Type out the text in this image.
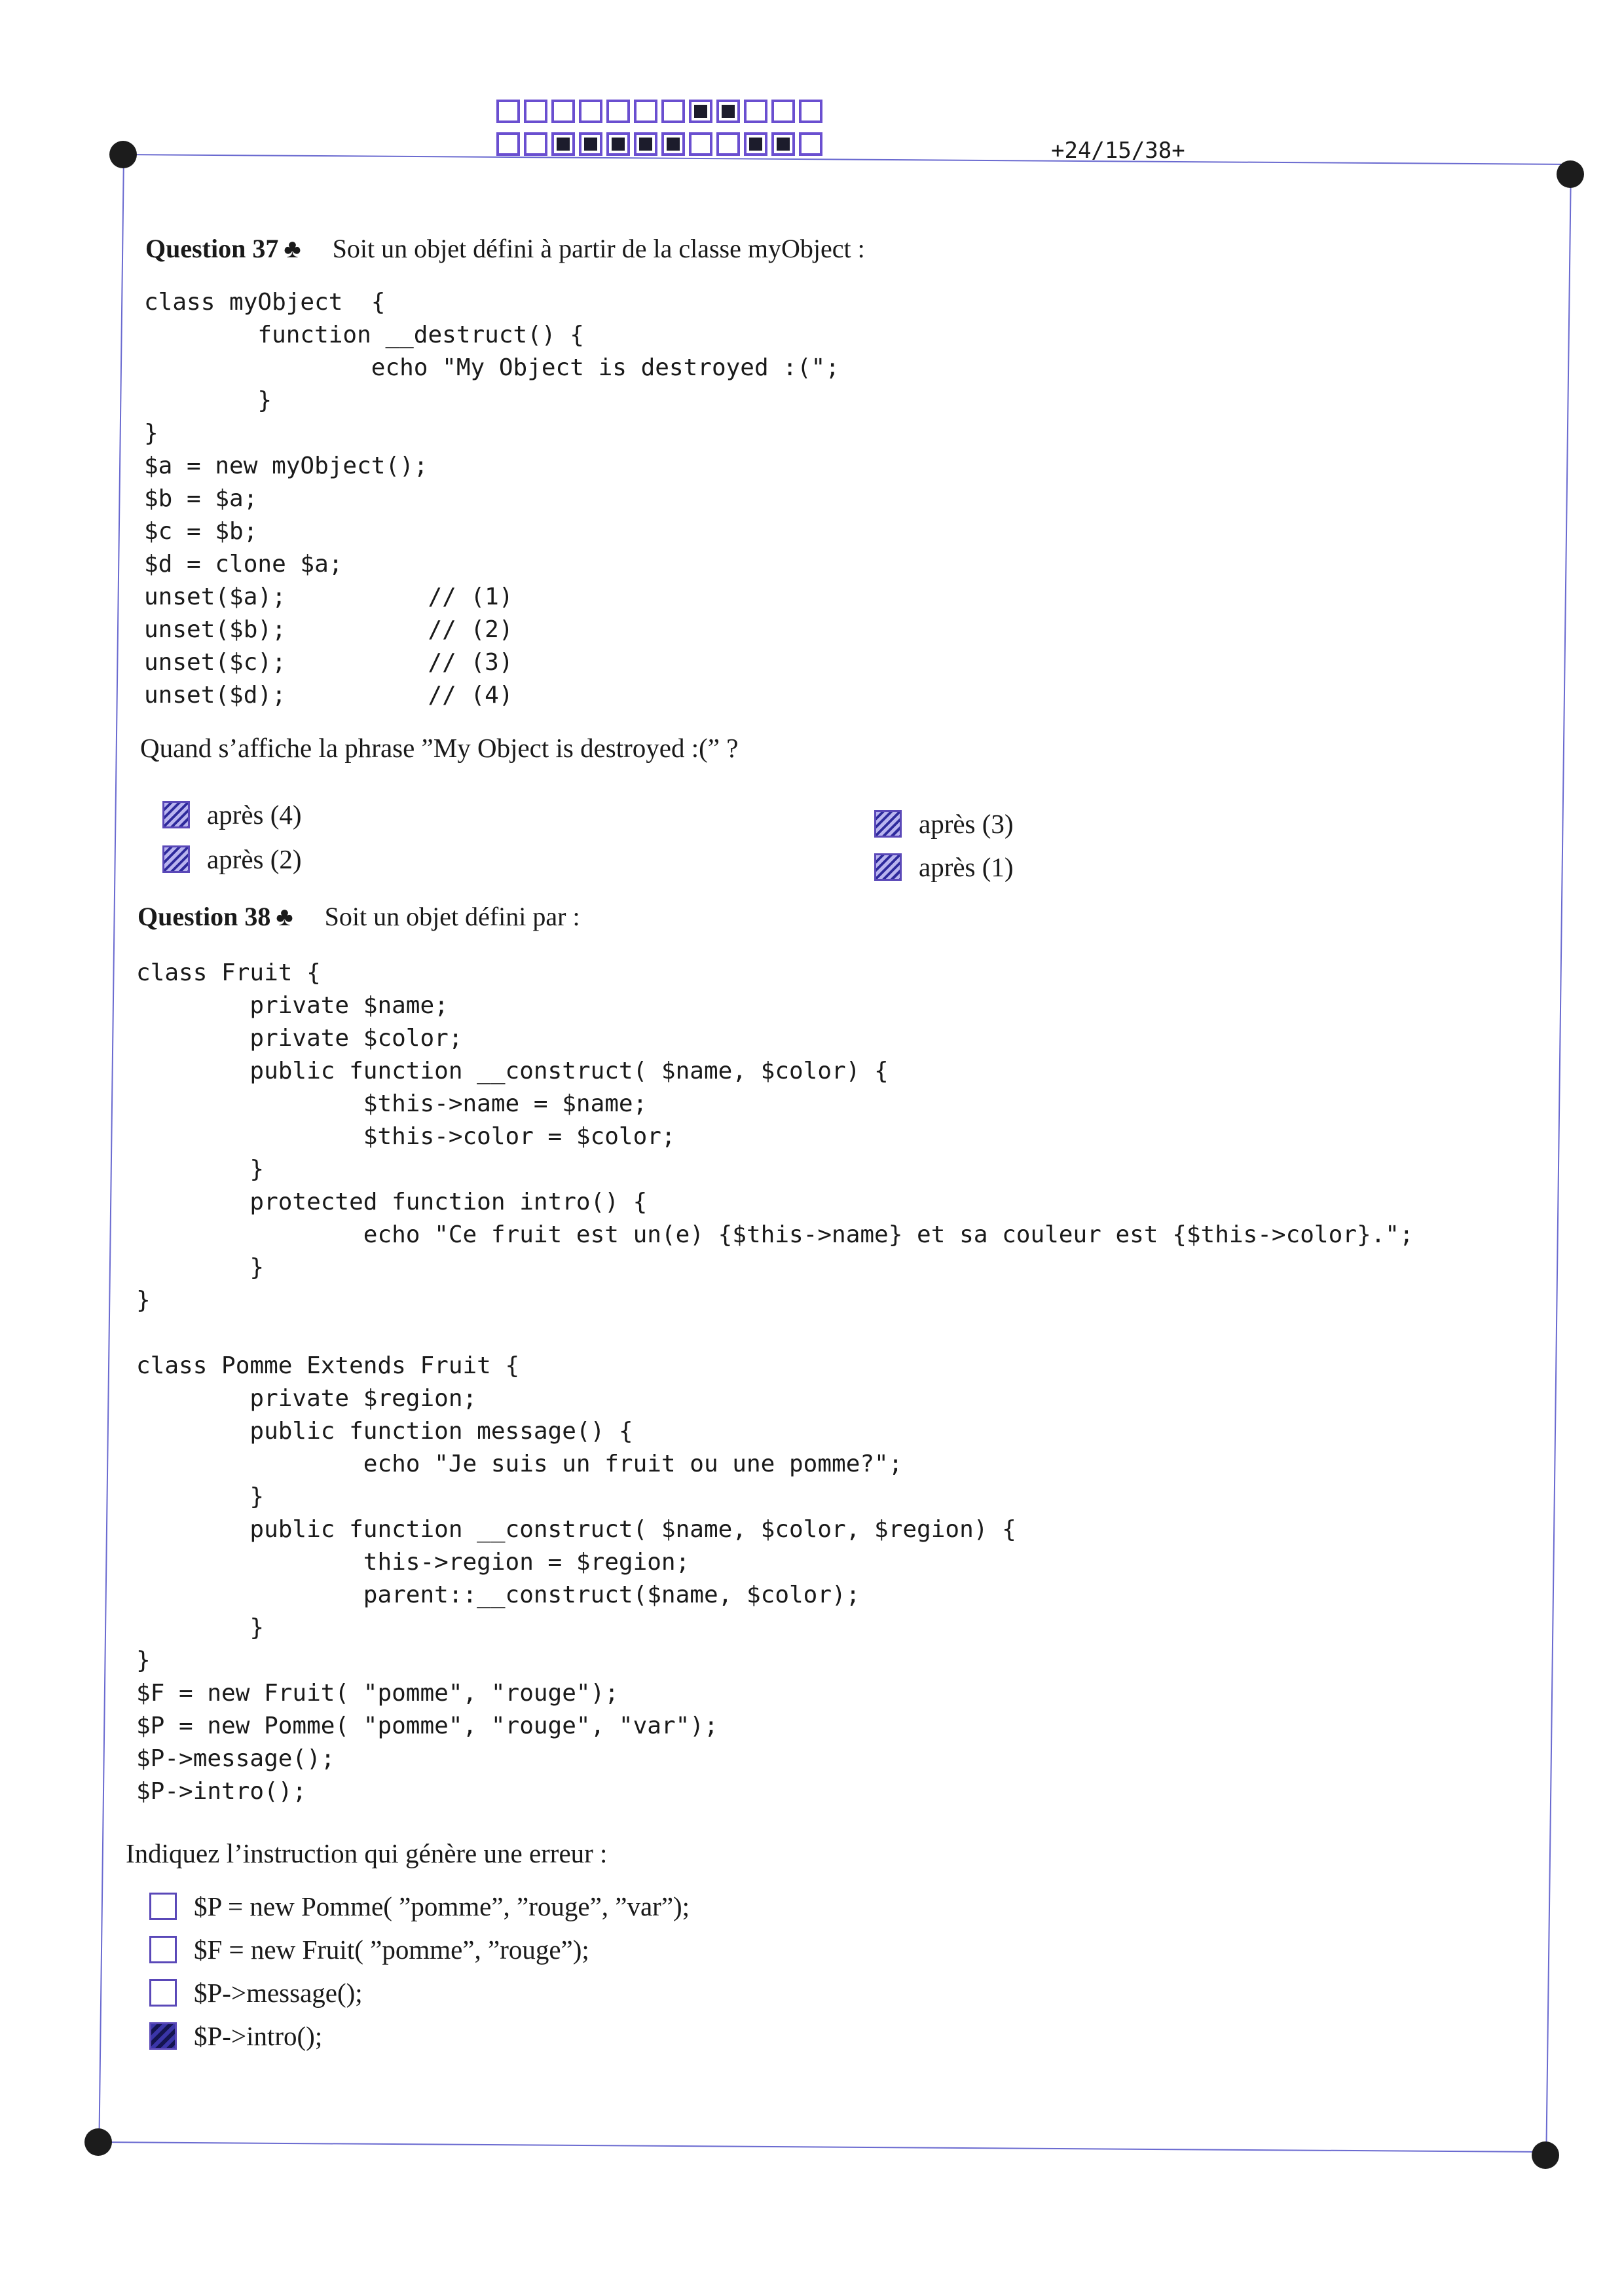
+24/15/38+
Question 37 ♣ Soit un objet défini à partir de la classe myObject :
class myObject  {
function __destruct() {
echo "My Object is destroyed :(";
}
}
$a = new myObject();
$b = $a;
$c = $b;
$d = clone $a;
unset($a);          // (1)
unset($b);          // (2)
unset($c);          // (3)
unset($d);          // (4)
Quand s’affiche la phrase ”My Object is destroyed :(” ?
après (4)
après (2)
après (3)
après (1)
Question 38 ♣ Soit un objet défini par :
class Fruit {
private $name;
private $color;
public function __construct( $name, $color) {
$this->name = $name;
$this->color = $color;
}
protected function intro() {
echo "Ce fruit est un(e) {$this->name} et sa couleur est {$this->color}.";
}
}

class Pomme Extends Fruit {
private $region;
public function message() {
echo "Je suis un fruit ou une pomme?";
}
public function __construct( $name, $color, $region) {
this->region = $region;
parent::__construct($name, $color);
}
}
$F = new Fruit( "pomme", "rouge");
$P = new Pomme( "pomme", "rouge", "var");
$P->message();
$P->intro();
Indiquez l’instruction qui génère une erreur :
$P = new Pomme( ”pomme”, ”rouge”, ”var”);
$F = new Fruit( ”pomme”, ”rouge”);
$P->message();
$P->intro();
